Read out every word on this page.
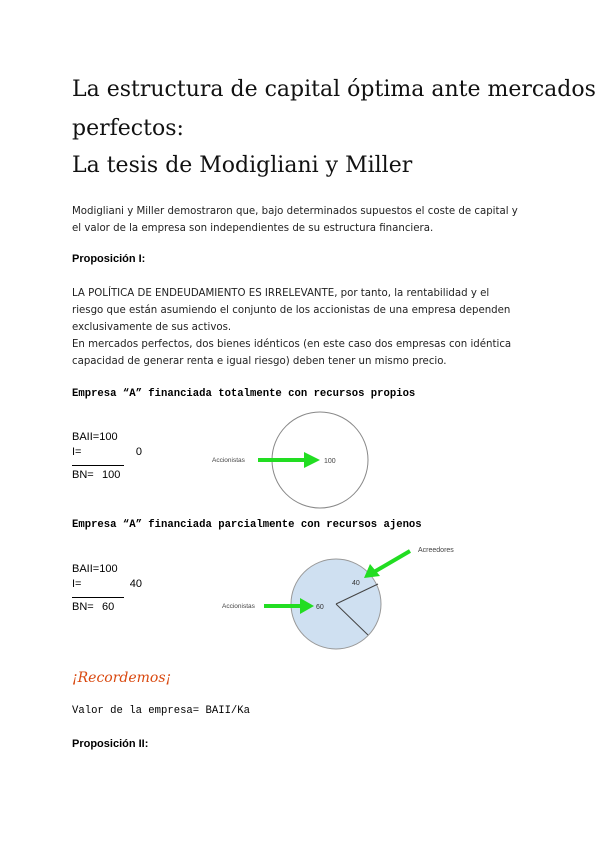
La estructura de capital óptima ante mercados
perfectos:
La tesis de Modigliani y Miller
Modigliani y Miller demostraron que, bajo determinados supuestos el coste de capital y
el valor de la empresa son independientes de su estructura financiera.
Proposición I:
LA POLÍTICA DE ENDEUDAMIENTO ES IRRELEVANTE, por tanto, la rentabilidad y el
riesgo que están asumiendo el conjunto de los accionistas de una empresa dependen
exclusivamente de sus activos.
En mercados perfectos, dos bienes idénticos (en este caso dos empresas con idéntica
capacidad de generar renta e igual riesgo) deben tener un mismo precio.
Empresa “A” financiada totalmente con recursos propios
BAII=100
I=	0
BN= 100
Accionistas	100
Empresa “A” financiada parcialmente con recursos ajenos
BAII=100
I=	40
BN= 60
40
60
Acreedores
Accionistas
¡Recordemos¡
Valor de la empresa= BAII/Ka
Proposición II:
